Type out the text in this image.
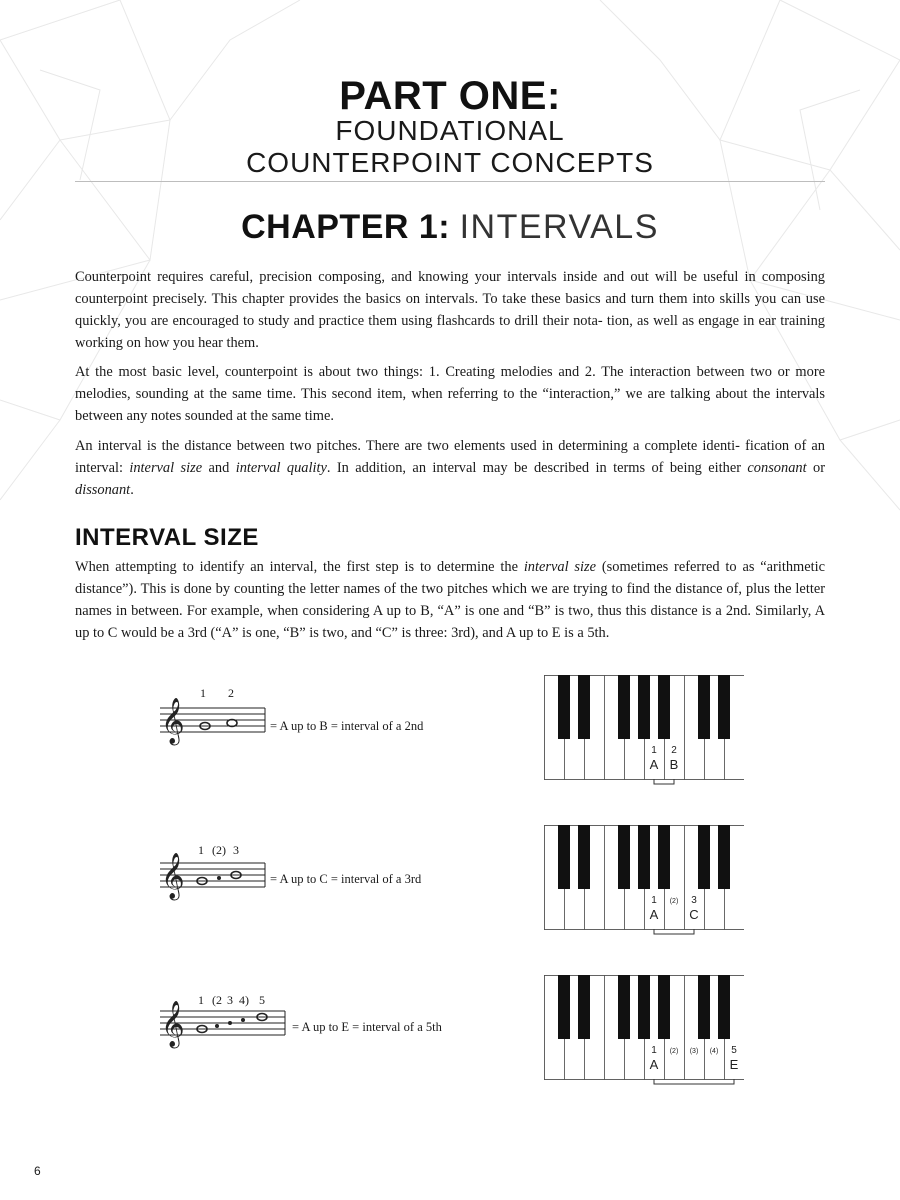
PART ONE:
FOUNDATIONAL
COUNTERPOINT CONCEPTS
CHAPTER 1: INTERVALS

Counterpoint requires careful, precision composing, and knowing your intervals inside and out will be useful in composing counterpoint precisely. This chapter provides the basics on intervals. To take these basics and turn them into skills you can use quickly, you are encouraged to study and practice them using flashcards to drill their nota- tion, as well as engage in ear training working on how you hear them.

At the most basic level, counterpoint is about two things: 1. Creating melodies and 2. The interaction between two or more melodies, sounding at the same time. This second item, when referring to the “interaction,” we are talking about the intervals between any notes sounded at the same time.

An interval is the distance between two pitches. There are two elements used in determining a complete identi- fication of an interval: interval size and interval quality. In addition, an interval may be described in terms of being either consonant or dissonant.

INTERVAL SIZE

When attempting to identify an interval, the first step is to determine the interval size (sometimes referred to as “arithmetic distance”). This is done by counting the letter names of the two pitches which we are trying to find the distance of, plus the letter names in between. For example, when considering A up to B, “A” is one and “B” is two, thus this distance is a 2nd. Similarly, A up to C would be a 3rd (“A” is one, “B” is two, and “C” is three: 3rd), and A up to E is a 5th.

𝄞
1 2
= A up to B = interval of a 2nd
𝄞
1 (2) 3
= A up to C = interval of a 3rd
𝄞
1 (2 3 4) 5
= A up to E = interval of a 5th
1 2
A B
1 (2) 3
A C
1 (2) (3) (4) 5
A	E
6
